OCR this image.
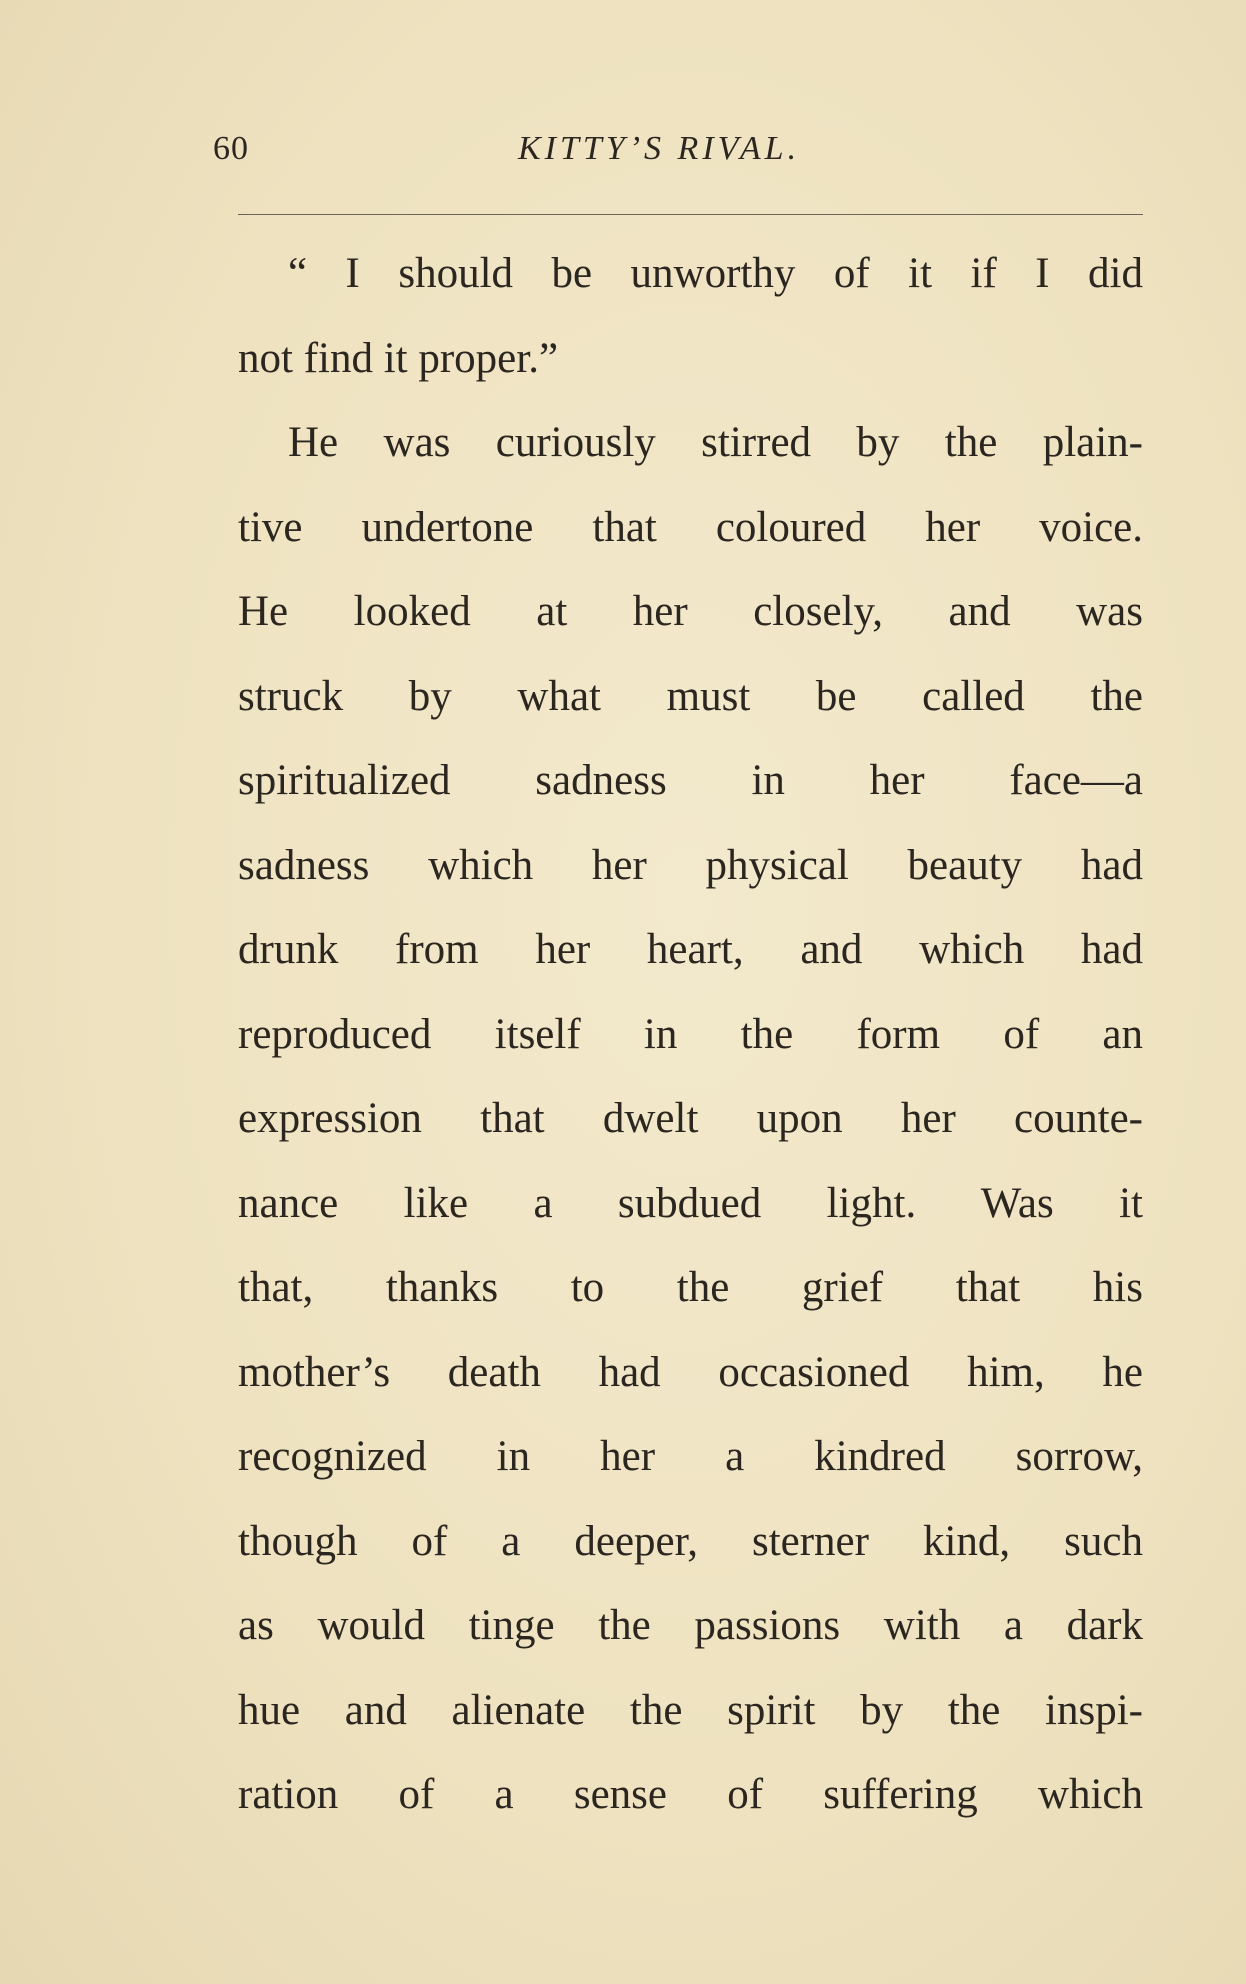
60	KITTY’S RIVAL.
“ I should be unworthy of it if I did
not find it proper.”
He was curiously stirred by the plain-
tive undertone that coloured her voice.
He looked at her closely, and was
struck by what must be called the
spiritualized sadness in her face—a
sadness which her physical beauty had
drunk from her heart, and which had
reproduced itself in the form of an
expression that dwelt upon her counte-
nance like a subdued light. Was it
that, thanks to the grief that his
mother’s death had occasioned him, he
recognized in her a kindred sorrow,
though of a deeper, sterner kind, such
as would tinge the passions with a dark
hue and alienate the spirit by the inspi-
ration of a sense of suffering which
